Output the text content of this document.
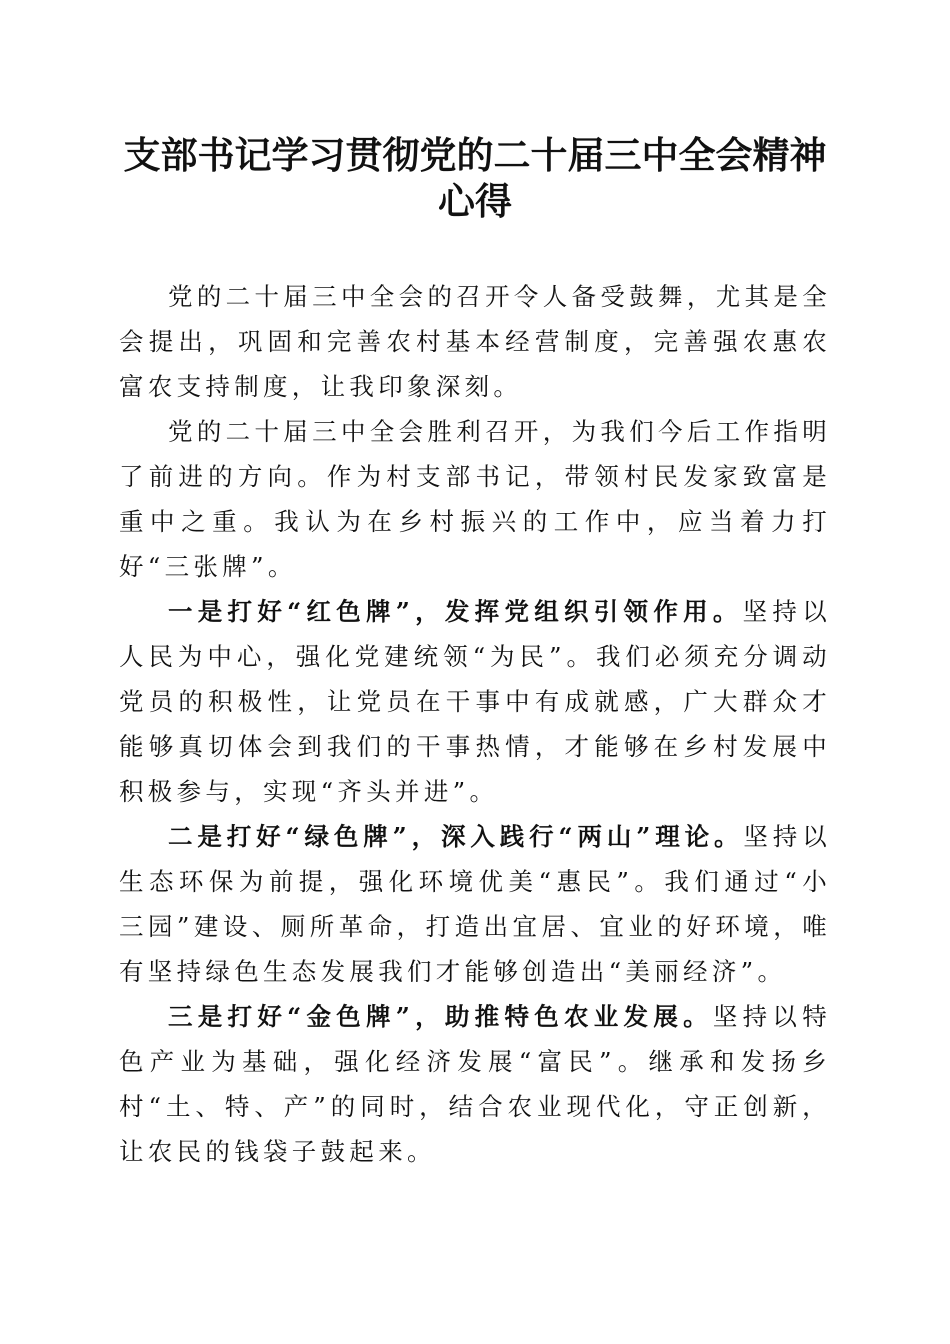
支部书记学习贯彻党的二十届三中全会精神心得

党的二十届三中全会的召开令人备受鼓舞，尤其是全会提出，巩固和完善农村基本经营制度，完善强农惠农富农支持制度，让我印象深刻。

党的二十届三中全会胜利召开，为我们今后工作指明了前进的方向。作为村支部书记，带领村民发家致富是重中之重。我认为在乡村振兴的工作中，应当着力打好“三张牌”。

一是打好“红色牌”，发挥党组织引领作用。坚持以人民为中心，强化党建统领“为民”。我们必须充分调动党员的积极性，让党员在干事中有成就感，广大群众才能够真切体会到我们的干事热情，才能够在乡村发展中积极参与，实现“齐头并进”。

二是打好“绿色牌”，深入践行“两山”理论。坚持以生态环保为前提，强化环境优美“惠民”。我们通过“小三园”建设、厕所革命，打造出宜居、宜业的好环境，唯有坚持绿色生态发展我们才能够创造出“美丽经济”。

三是打好“金色牌”，助推特色农业发展。坚持以特色产业为基础，强化经济发展“富民”。继承和发扬乡村“土、特、产”的同时，结合农业现代化，守正创新，让农民的钱袋子鼓起来。
